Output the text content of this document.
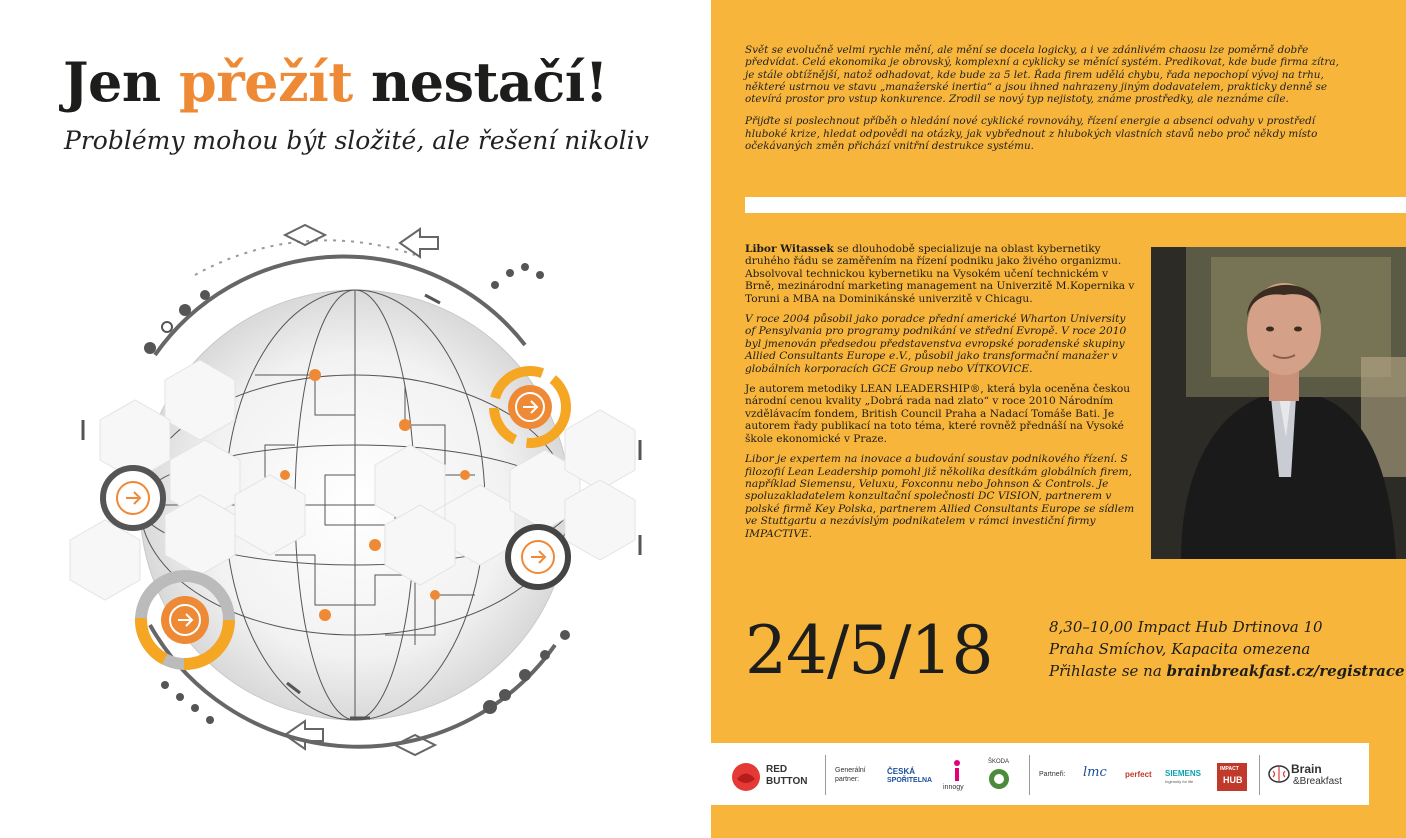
Jen přežít nestačí!
Problémy mohou být složité, ale řešení nikoliv

Svět se evolučně velmi rychle mění, ale mění se docela logicky, a i ve zdánlivém chaosu lze poměrně dobře předvídat. Celá ekonomika je obrovský, komplexní a cyklicky se měnící systém. Predikovat, kde bude firma zítra, je stále obtížnější, natož odhadovat, kde bude za 5 let. Řada firem udělá chybu, řada nepochopí vývoj na trhu, některé ustrnou ve stavu „manažerské inertia“ a jsou ihned nahrazeny jiným dodavatelem, prakticky denně se otevírá prostor pro vstup konkurence. Zrodil se nový typ nejistoty, známe prostředky, ale neznáme cíle.

Přijďte si poslechnout příběh o hledání nové cyklické rovnováhy, řízení energie a absenci odvahy v prostředí hluboké krize, hledat odpovědi na otázky, jak vybřednout z hlubokých vlastních stavů nebo proč někdy místo očekávaných změn přichází vnitřní destrukce systému.

Libor Witassek se dlouhodobě specializuje na oblast kybernetiky druhého řádu se zaměřením na řízení podniku jako živého organizmu. Absolvoval technickou kybernetiku na Vysokém učení technickém v Brně, mezinárodní marketing management na Univerzitě M.Kopernika v Toruni a MBA na Dominikánské univerzitě v Chicagu.

V roce 2004 působil jako poradce přední americké Wharton University of Pensylvania pro programy podnikání ve střední Evropě. V roce 2010 byl jmenován předsedou představenstva evropské poradenské skupiny Allied Consultants Europe e.V., působil jako transformační manažer v globálních korporacích GCE Group nebo VÍTKOVICE.

Je autorem metodiky LEAN LEADERSHIP®, která byla oceněna českou národní cenou kvality „Dobrá rada nad zlato“ v roce 2010 Národním vzdělávacím fondem, British Council Praha a Nadací Tomáše Bati. Je autorem řady publikací na toto téma, které rovněž přednáší na Vysoké škole ekonomické v Praze.

Libor je expertem na inovace a budování soustav podnikového řízení. S filozofií Lean Leadership pomohl již několika desítkám globálních firem, například Siemensu, Veluxu, Foxconnu nebo Johnson & Controls. Je spoluzakladatelem konzultační společnosti DC VISION, partnerem v polské firmě Key Polska, partnerem Allied Consultants Europe se sídlem ve Stuttgartu a nezávislým podnikatelem v rámci investiční firmy IMPACTIVE.

24/5/18	8,30–10,00 Impact Hub Drtinova 10
Praha Smíchov, Kapacita omezena
Přihlaste se na brainbreakfast.cz/registrace
RED
BUTTON
Generální
partner:
ČESKÁ
SPOŘITELNA
innogy
ŠKODA
Partneři: lmc perfect SIEMENS
Ingenuity for life
IMPACT
HUB
Brain
&Breakfast
